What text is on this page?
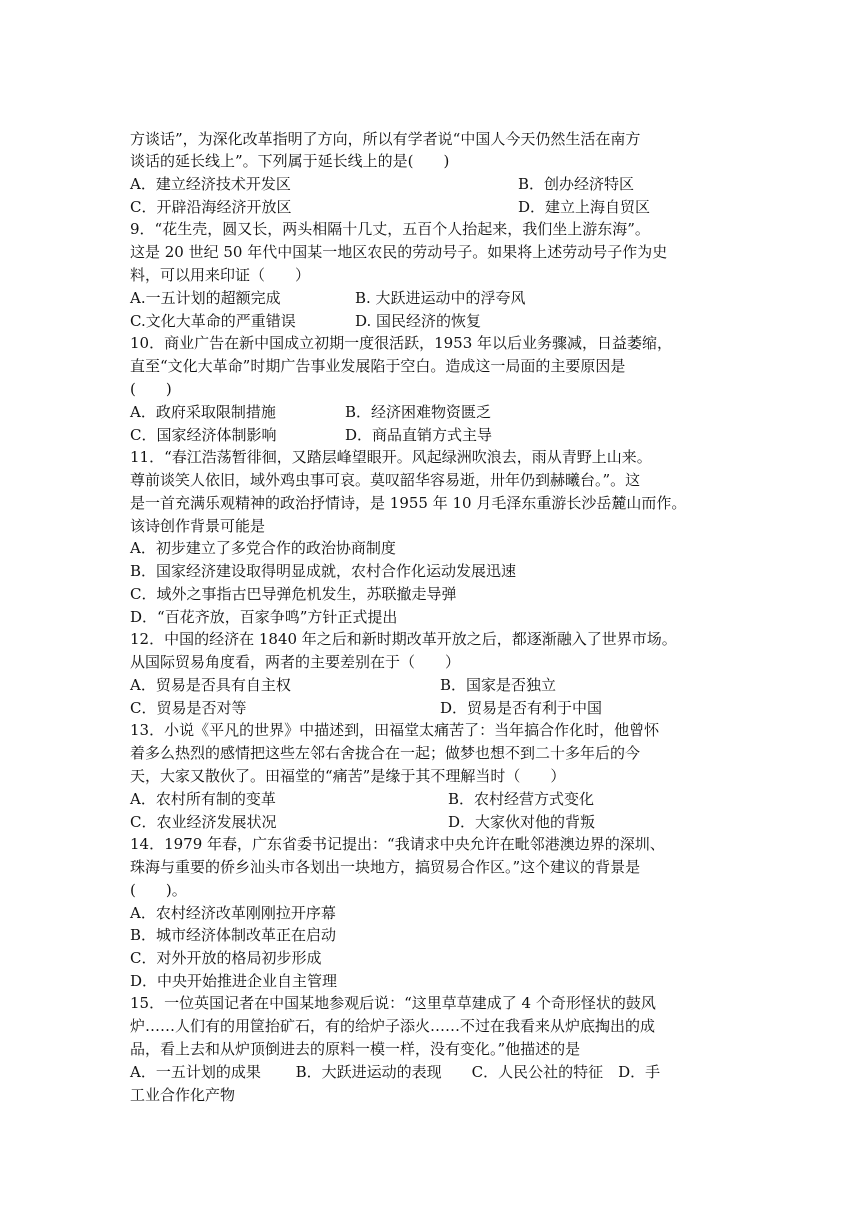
方谈话”，为深化改革指明了方向，所以有学者说“中国人今天仍然生活在南方
谈话的延长线上”。下列属于延长线上的是(　　)
A．建立经济技术开发区	B．创办经济特区
C．开辟沿海经济开放区	D．建立上海自贸区
9．“花生壳，圆又长，两头相隔十几丈，五百个人抬起来，我们坐上游东海”。
这是 20 世纪 50 年代中国某一地区农民的劳动号子。如果将上述劳动号子作为史
料，可以用来印证（　　）
A.一五计划的超额完成	B. 大跃进运动中的浮夸风
C.文化大革命的严重错误	D. 国民经济的恢复
10．商业广告在新中国成立初期一度很活跃，1953 年以后业务骤减，日益萎缩，
直至“文化大革命”时期广告事业发展陷于空白。造成这一局面的主要原因是
(　　)
A．政府采取限制措施	B．经济困难物资匮乏
C．国家经济体制影响	D．商品直销方式主导
11．“春江浩荡暂徘徊，又踏层峰望眼开。风起绿洲吹浪去，雨从青野上山来。
尊前谈笑人依旧，域外鸡虫事可哀。莫叹韶华容易逝，卅年仍到赫曦台。”。这
是一首充满乐观精神的政治抒情诗，是 1955 年 10 月毛泽东重游长沙岳麓山而作。
该诗创作背景可能是
A．初步建立了多党合作的政治协商制度
B．国家经济建设取得明显成就，农村合作化运动发展迅速
C．域外之事指古巴导弹危机发生，苏联撤走导弹
D．“百花齐放，百家争鸣”方针正式提出
12．中国的经济在 1840 年之后和新时期改革开放之后，都逐渐融入了世界市场。
从国际贸易角度看，两者的主要差别在于（　　）
A．贸易是否具有自主权	B．国家是否独立
C．贸易是否对等	D．贸易是否有利于中国
13．小说《平凡的世界》中描述到，田福堂太痛苦了：当年搞合作化时，他曾怀
着多么热烈的感情把这些左邻右舍拢合在一起；做梦也想不到二十多年后的今
天，大家又散伙了。田福堂的“痛苦”是缘于其不理解当时（　　）
A．农村所有制的变革	B．农村经营方式变化
C．农业经济发展状况	D．大家伙对他的背叛
14．1979 年春，广东省委书记提出：“我请求中央允许在毗邻港澳边界的深圳、
珠海与重要的侨乡汕头市各划出一块地方，搞贸易合作区。”这个建议的背景是
(　　)。
A．农村经济改革刚刚拉开序幕
B．城市经济体制改革正在启动
C．对外开放的格局初步形成
D．中央开始推进企业自主管理
15．一位英国记者在中国某地参观后说：“这里草草建成了 4 个奇形怪状的鼓风
炉……人们有的用筐抬矿石，有的给炉子添火……不过在我看来从炉底掏出的成
品，看上去和从炉顶倒进去的原料一模一样，没有变化。”他描述的是
A．一五计划的成果　　 B．大跃进运动的表现　　C．人民公社的特征　D．手
工业合作化产物
